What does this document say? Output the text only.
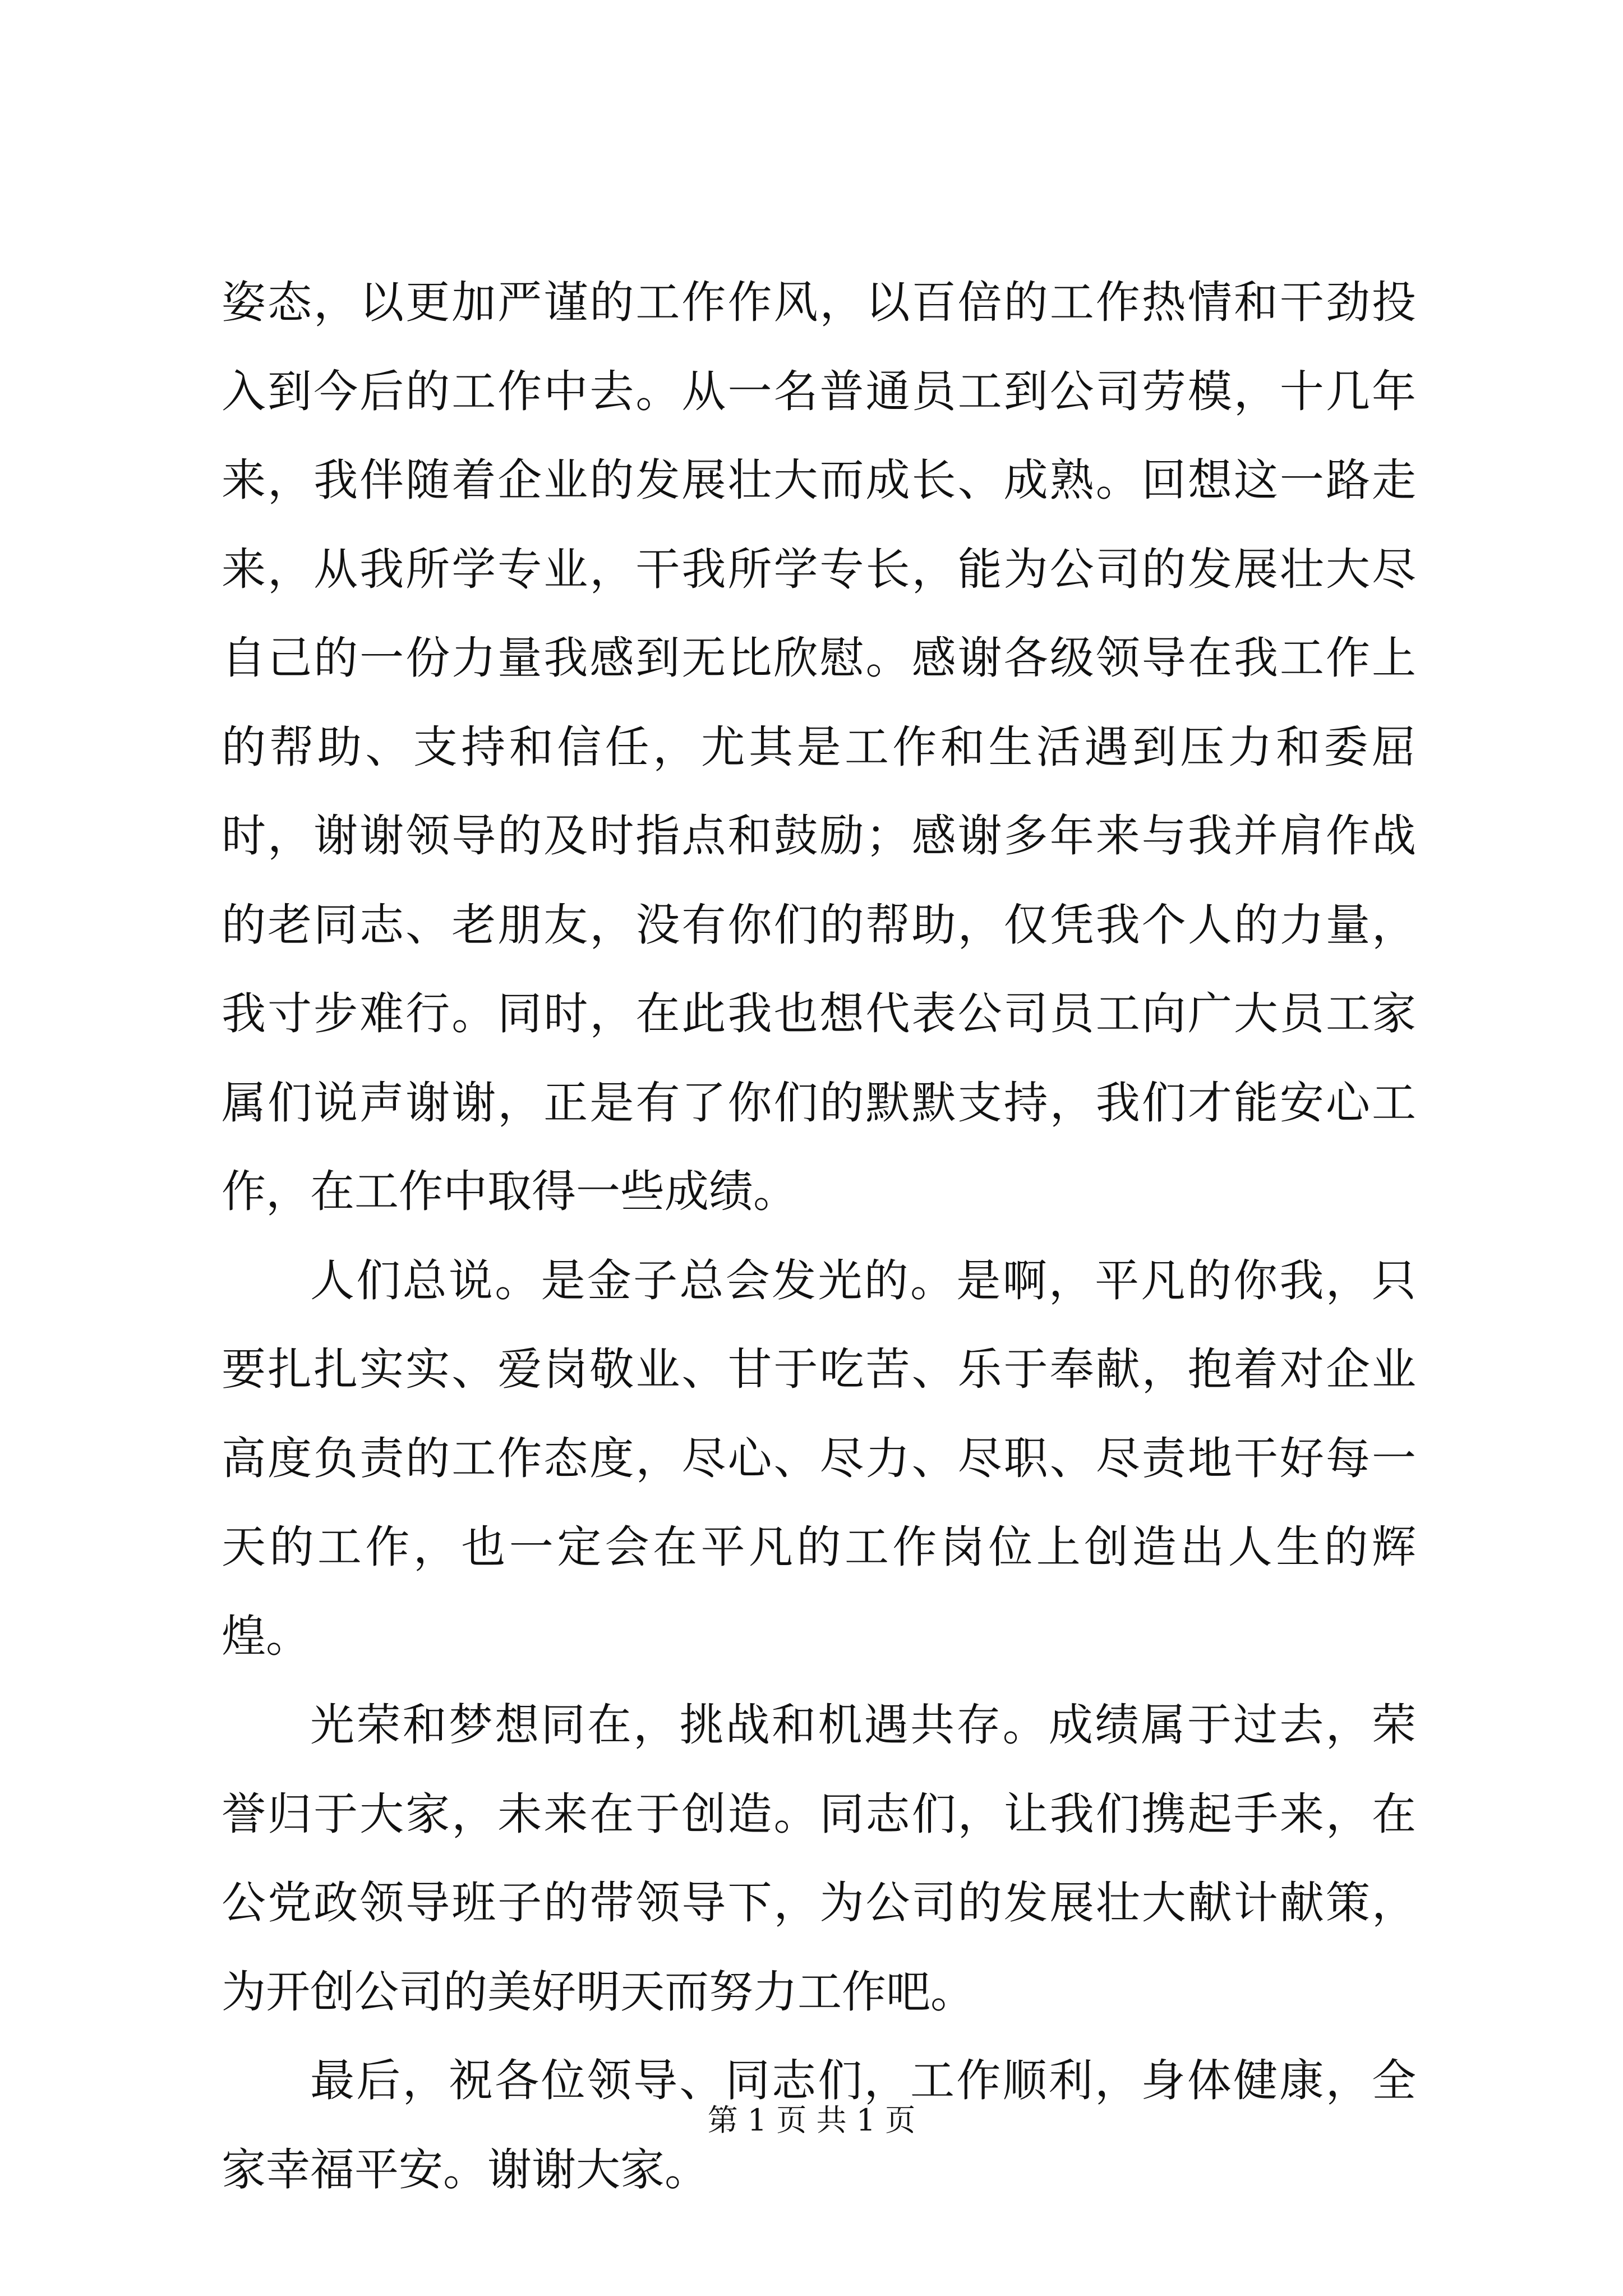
姿态，以更加严谨的工作作风，以百倍的工作热情和干劲投入到今后的工作中去。从一名普通员工到公司劳模，十几年来，我伴随着企业的发展壮大而成长、成熟。回想这一路走来，从我所学专业，干我所学专长，能为公司的发展壮大尽自己的一份力量我感到无比欣慰。感谢各级领导在我工作上的帮助、支持和信任，尤其是工作和生活遇到压力和委屈时，谢谢领导的及时指点和鼓励；感谢多年来与我并肩作战的老同志、老朋友，没有你们的帮助，仅凭我个人的力量，我寸步难行。同时，在此我也想代表公司员工向广大员工家属们说声谢谢，正是有了你们的默默支持，我们才能安心工作，在工作中取得一些成绩。

人们总说。是金子总会发光的。是啊，平凡的你我，只要扎扎实实、爱岗敬业、甘于吃苦、乐于奉献，抱着对企业高度负责的工作态度，尽心、尽力、尽职、尽责地干好每一天的工作，也一定会在平凡的工作岗位上创造出人生的辉煌。

光荣和梦想同在，挑战和机遇共存。成绩属于过去，荣誉归于大家，未来在于创造。同志们，让我们携起手来，在公党政领导班子的带领导下，为公司的发展壮大献计献策，为开创公司的美好明天而努力工作吧。

最后，祝各位领导、同志们，工作顺利，身体健康，全家幸福平安。谢谢大家。

第 1 页 共 1 页
